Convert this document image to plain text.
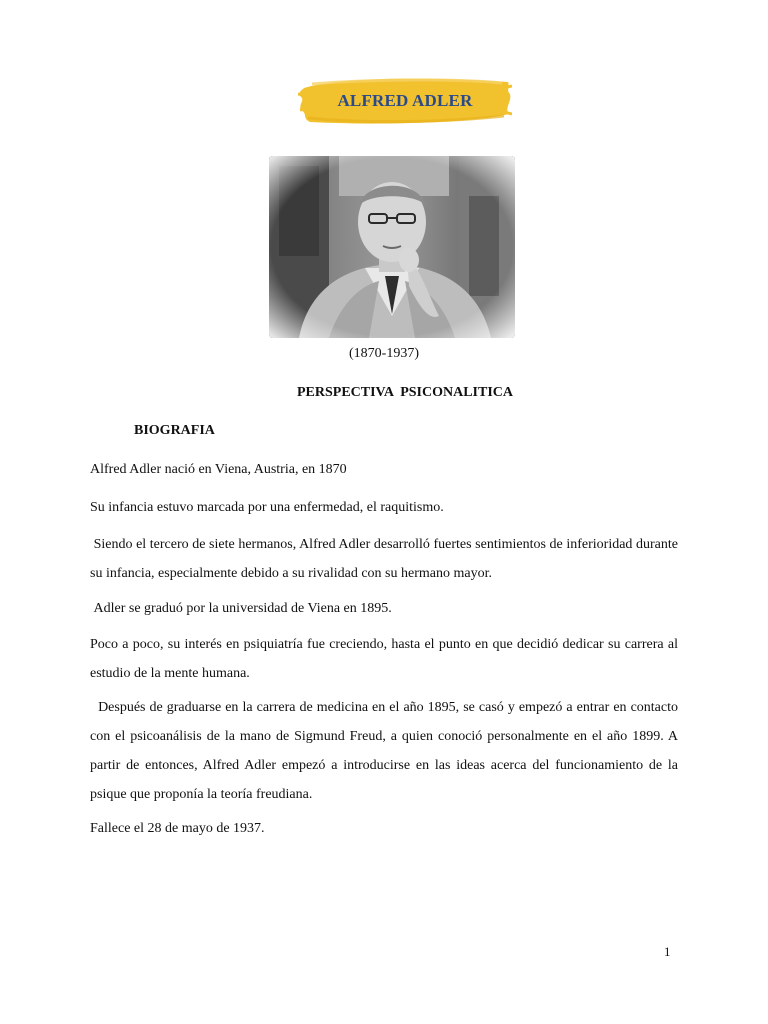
ALFRED ADLER
(1870-1937)
PERSPECTIVA  PSICONALITICA
BIOGRAFIA
Alfred Adler nació en Viena, Austria, en 1870
Su infancia estuvo marcada por una enfermedad, el raquitismo.
Siendo el tercero de siete hermanos, Alfred Adler desarrolló fuertes sentimientos de inferioridad durante su infancia, especialmente debido a su rivalidad con su hermano mayor.
Adler se graduó por la universidad de Viena en 1895.
Poco a poco, su interés en psiquiatría fue creciendo, hasta el punto en que decidió dedicar su carrera al estudio de la mente humana.
Después de graduarse en la carrera de medicina en el año 1895, se casó y empezó a entrar en contacto con el psicoanálisis de la mano de Sigmund Freud, a quien conoció personalmente en el año 1899. A partir de entonces, Alfred Adler empezó a introducirse en las ideas acerca del funcionamiento de la psique que proponía la teoría freudiana.
Fallece el 28 de mayo de 1937.
1
